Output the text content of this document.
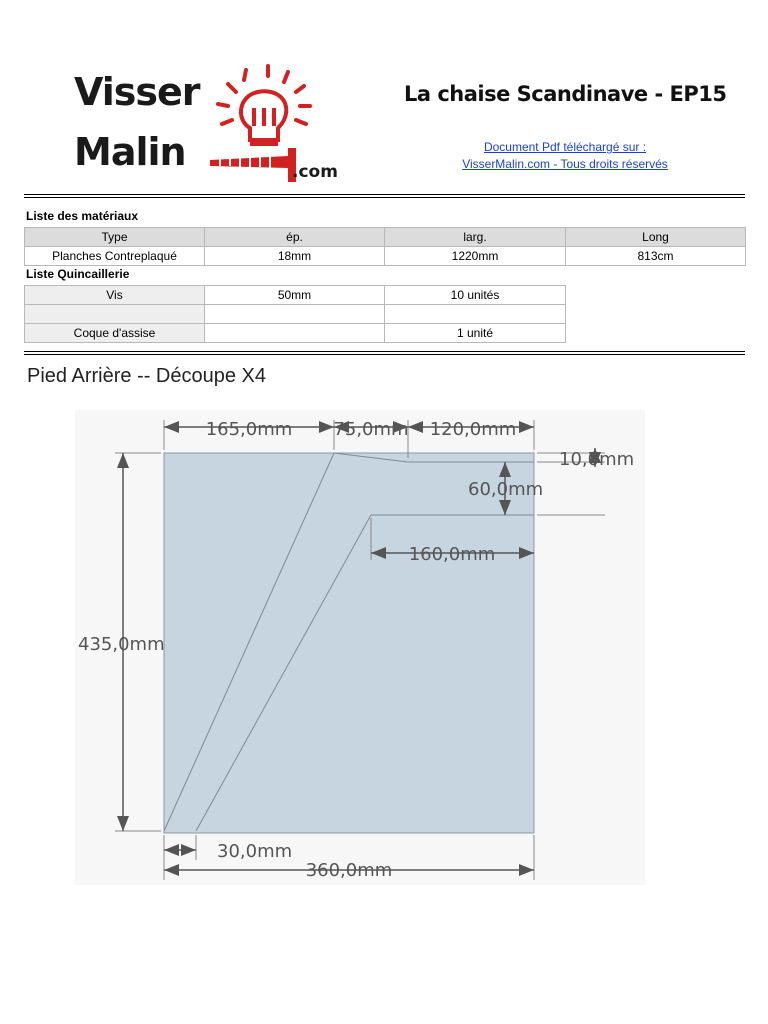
Visser
Malin	.com
La chaise Scandinave - EP15
Document Pdf téléchargé sur :
VisserMalin.com - Tous droits réservés
Liste des matériaux
Type	ép.	larg.	Long
Planches Contreplaqué	18mm	1220mm	813cm
Liste Quincaillerie
Vis	50mm	10 unités

Coque d'assise		1 unité
Pied Arrière -- Découpe X4
165,0mm 75,0mm 120,0mm
10,0mm
60,0mm
160,0mm
435,0mm
30,0mm
360,0mm
